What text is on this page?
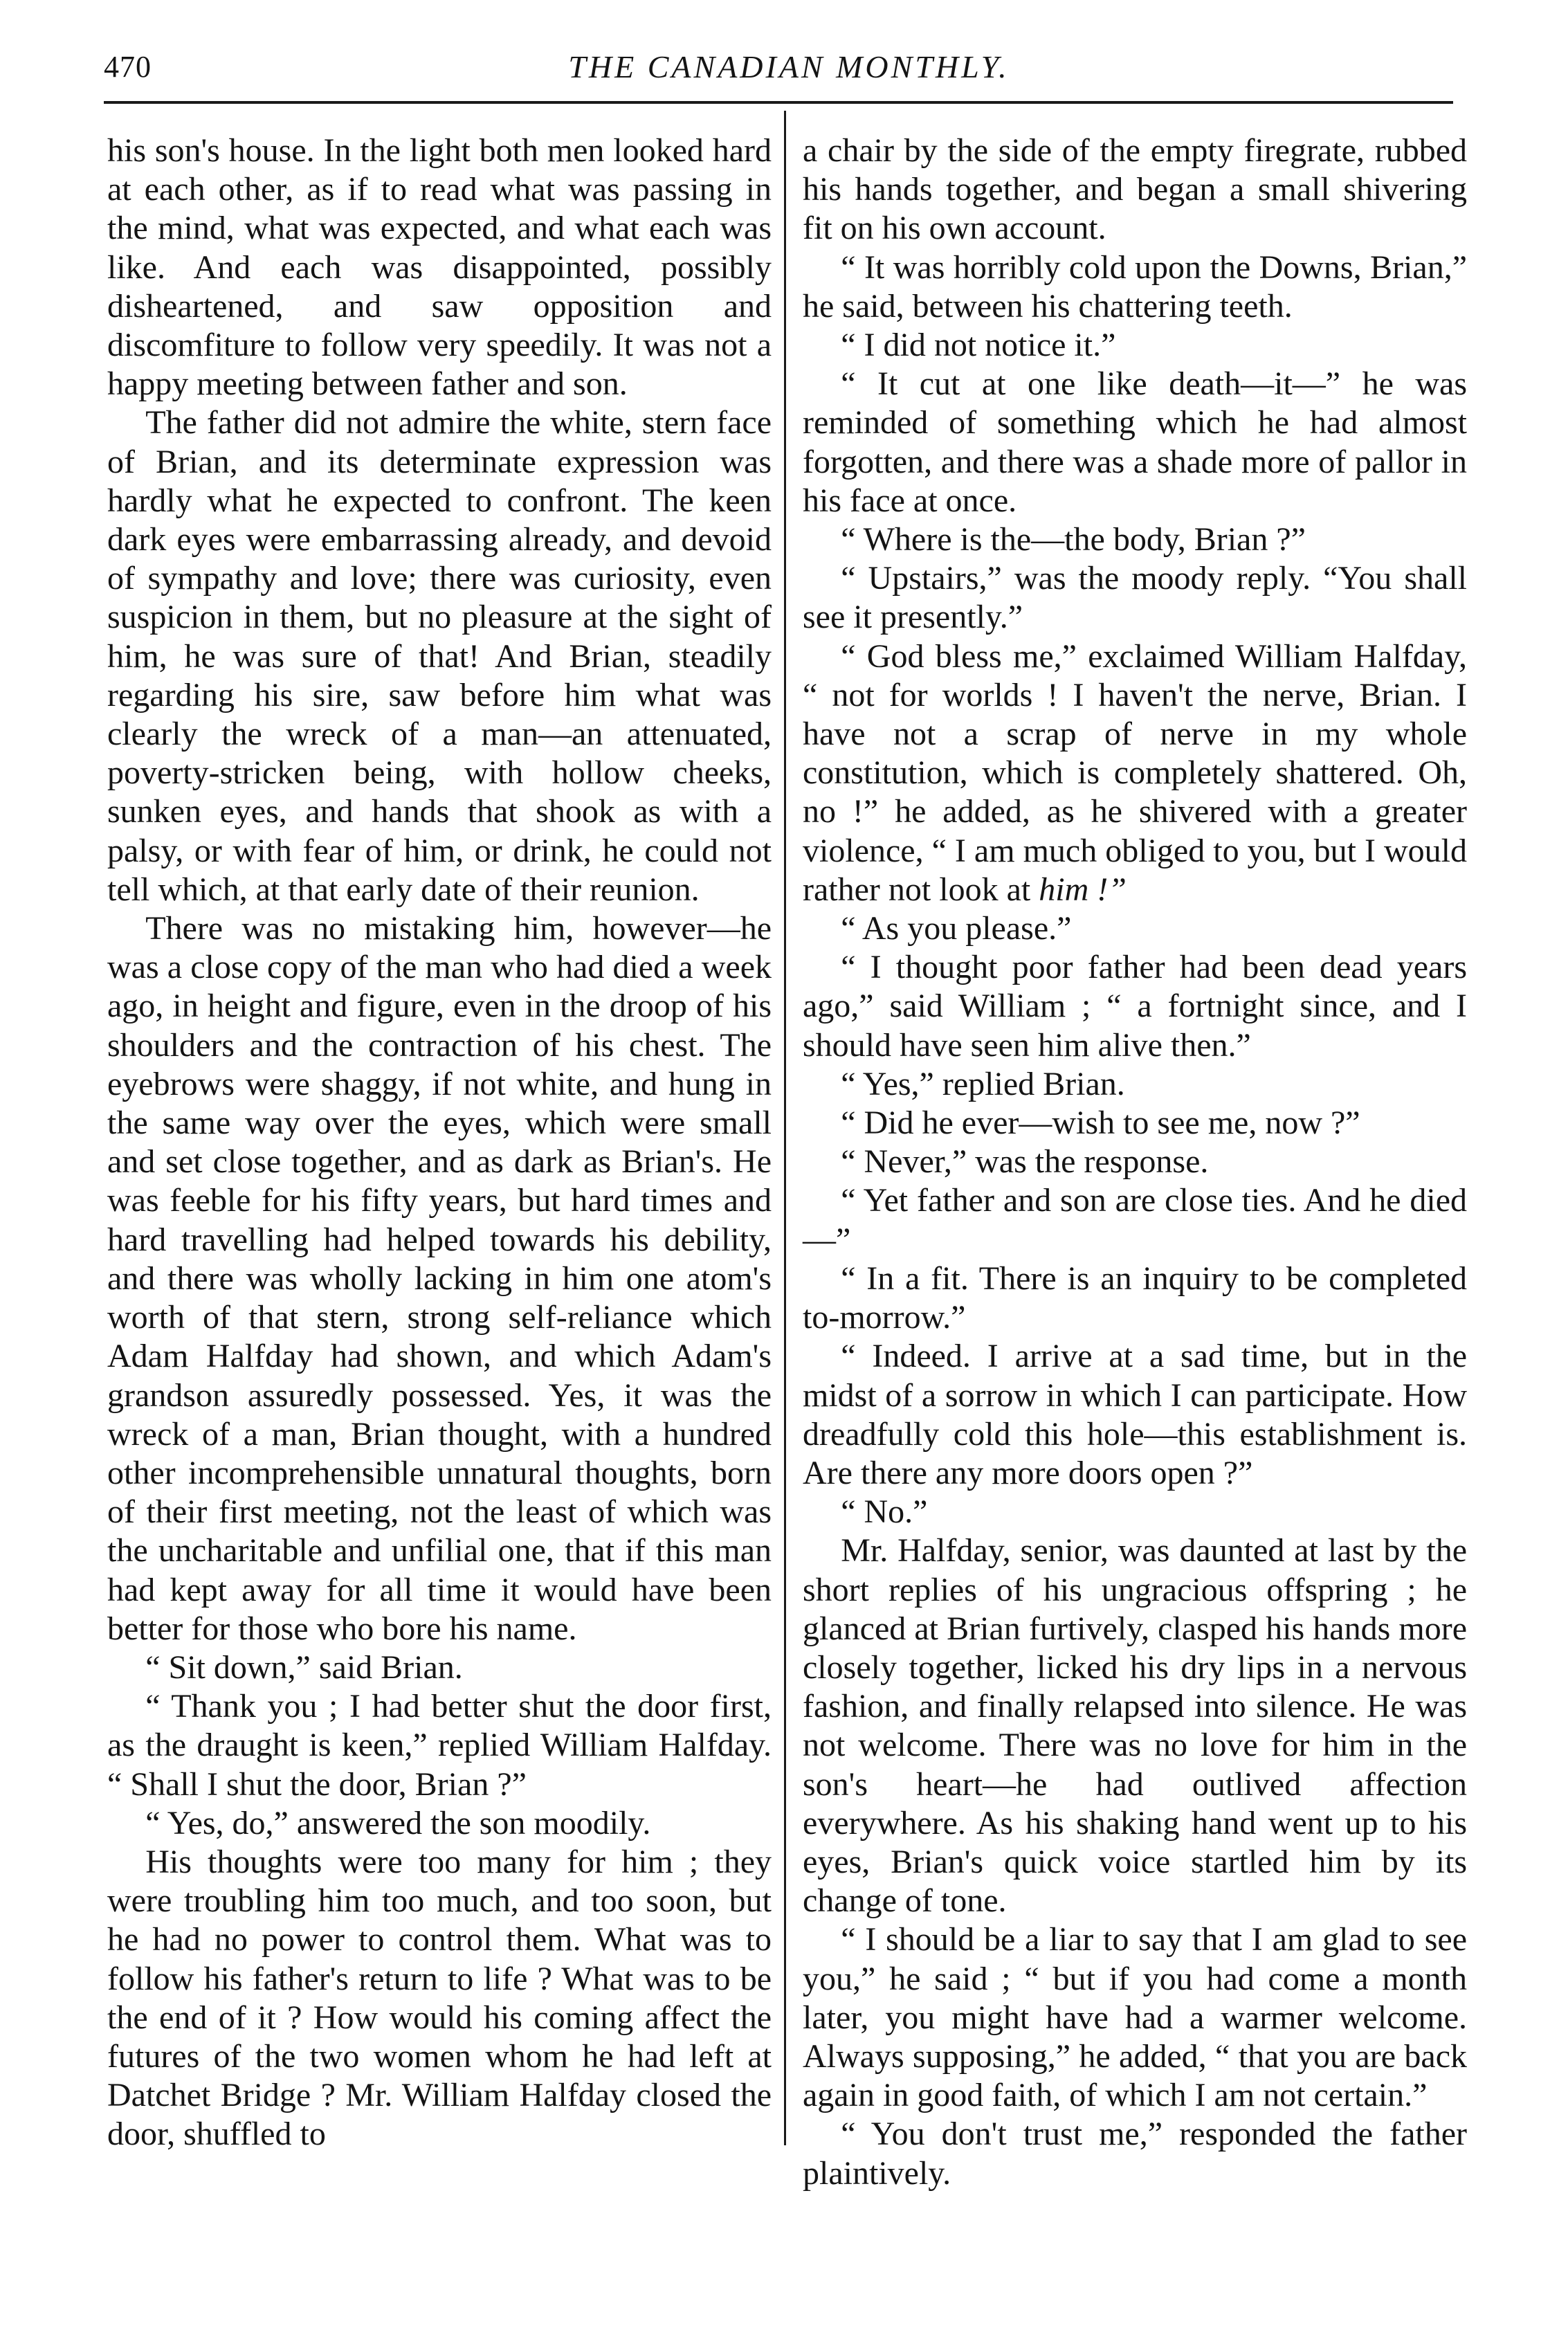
470	THE CANADIAN MONTHLY.

his son's house. In the light both men looked hard at each other, as if to read what was passing in the mind, what was expected, and what each was like. And each was disappointed, possibly disheartened, and saw opposition and discomfiture to follow very speedily. It was not a happy meeting between father and son.

The father did not admire the white, stern face of Brian, and its determinate expression was hardly what he expected to confront. The keen dark eyes were embarrassing already, and devoid of sympathy and love; there was curiosity, even suspicion in them, but no pleasure at the sight of him, he was sure of that! And Brian, steadily regarding his sire, saw before him what was clearly the wreck of a man—an attenuated, poverty-stricken being, with hollow cheeks, sunken eyes, and hands that shook as with a palsy, or with fear of him, or drink, he could not tell which, at that early date of their reunion.

There was no mistaking him, however—he was a close copy of the man who had died a week ago, in height and figure, even in the droop of his shoulders and the contraction of his chest. The eyebrows were shaggy, if not white, and hung in the same way over the eyes, which were small and set close together, and as dark as Brian's. He was feeble for his fifty years, but hard times and hard travelling had helped towards his debility, and there was wholly lacking in him one atom's worth of that stern, strong self-reliance which Adam Halfday had shown, and which Adam's grandson assuredly possessed. Yes, it was the wreck of a man, Brian thought, with a hundred other incomprehensible unnatural thoughts, born of their first meeting, not the least of which was the uncharitable and unfilial one, that if this man had kept away for all time it would have been better for those who bore his name.

“ Sit down,” said Brian.

“ Thank you ; I had better shut the door first, as the draught is keen,” replied William Halfday. “ Shall I shut the door, Brian ?”

“ Yes, do,” answered the son moodily.

His thoughts were too many for him ; they were troubling him too much, and too soon, but he had no power to control them. What was to follow his father's return to life ? What was to be the end of it ? How would his coming affect the futures of the two women whom he had left at Datchet Bridge ? Mr. William Halfday closed the door, shuffled to

a chair by the side of the empty firegrate, rubbed his hands together, and began a small shivering fit on his own account.

“ It was horribly cold upon the Downs, Brian,” he said, between his chattering teeth.

“ I did not notice it.”

“ It cut at one like death—it—” he was reminded of something which he had almost forgotten, and there was a shade more of pallor in his face at once.

“ Where is the—the body, Brian ?”

“ Upstairs,” was the moody reply. “You shall see it presently.”

“ God bless me,” exclaimed William Halfday, “ not for worlds ! I haven't the nerve, Brian. I have not a scrap of nerve in my whole constitution, which is completely shattered. Oh, no !” he added, as he shivered with a greater violence, “ I am much obliged to you, but I would rather not look at him !”

“ As you please.”

“ I thought poor father had been dead years ago,” said William ; “ a fortnight since, and I should have seen him alive then.”

“ Yes,” replied Brian.

“ Did he ever—wish to see me, now ?”

“ Never,” was the response.

“ Yet father and son are close ties. And he died—”

“ In a fit. There is an inquiry to be completed to-morrow.”

“ Indeed. I arrive at a sad time, but in the midst of a sorrow in which I can participate. How dreadfully cold this hole—this establishment is. Are there any more doors open ?”

“ No.”

Mr. Halfday, senior, was daunted at last by the short replies of his ungracious offspring ; he glanced at Brian furtively, clasped his hands more closely together, licked his dry lips in a nervous fashion, and finally relapsed into silence. He was not welcome. There was no love for him in the son's heart—he had outlived affection everywhere. As his shaking hand went up to his eyes, Brian's quick voice startled him by its change of tone.

“ I should be a liar to say that I am glad to see you,” he said ; “ but if you had come a month later, you might have had a warmer welcome. Always supposing,” he added, “ that you are back again in good faith, of which I am not certain.”

“ You don't trust me,” responded the father plaintively.
